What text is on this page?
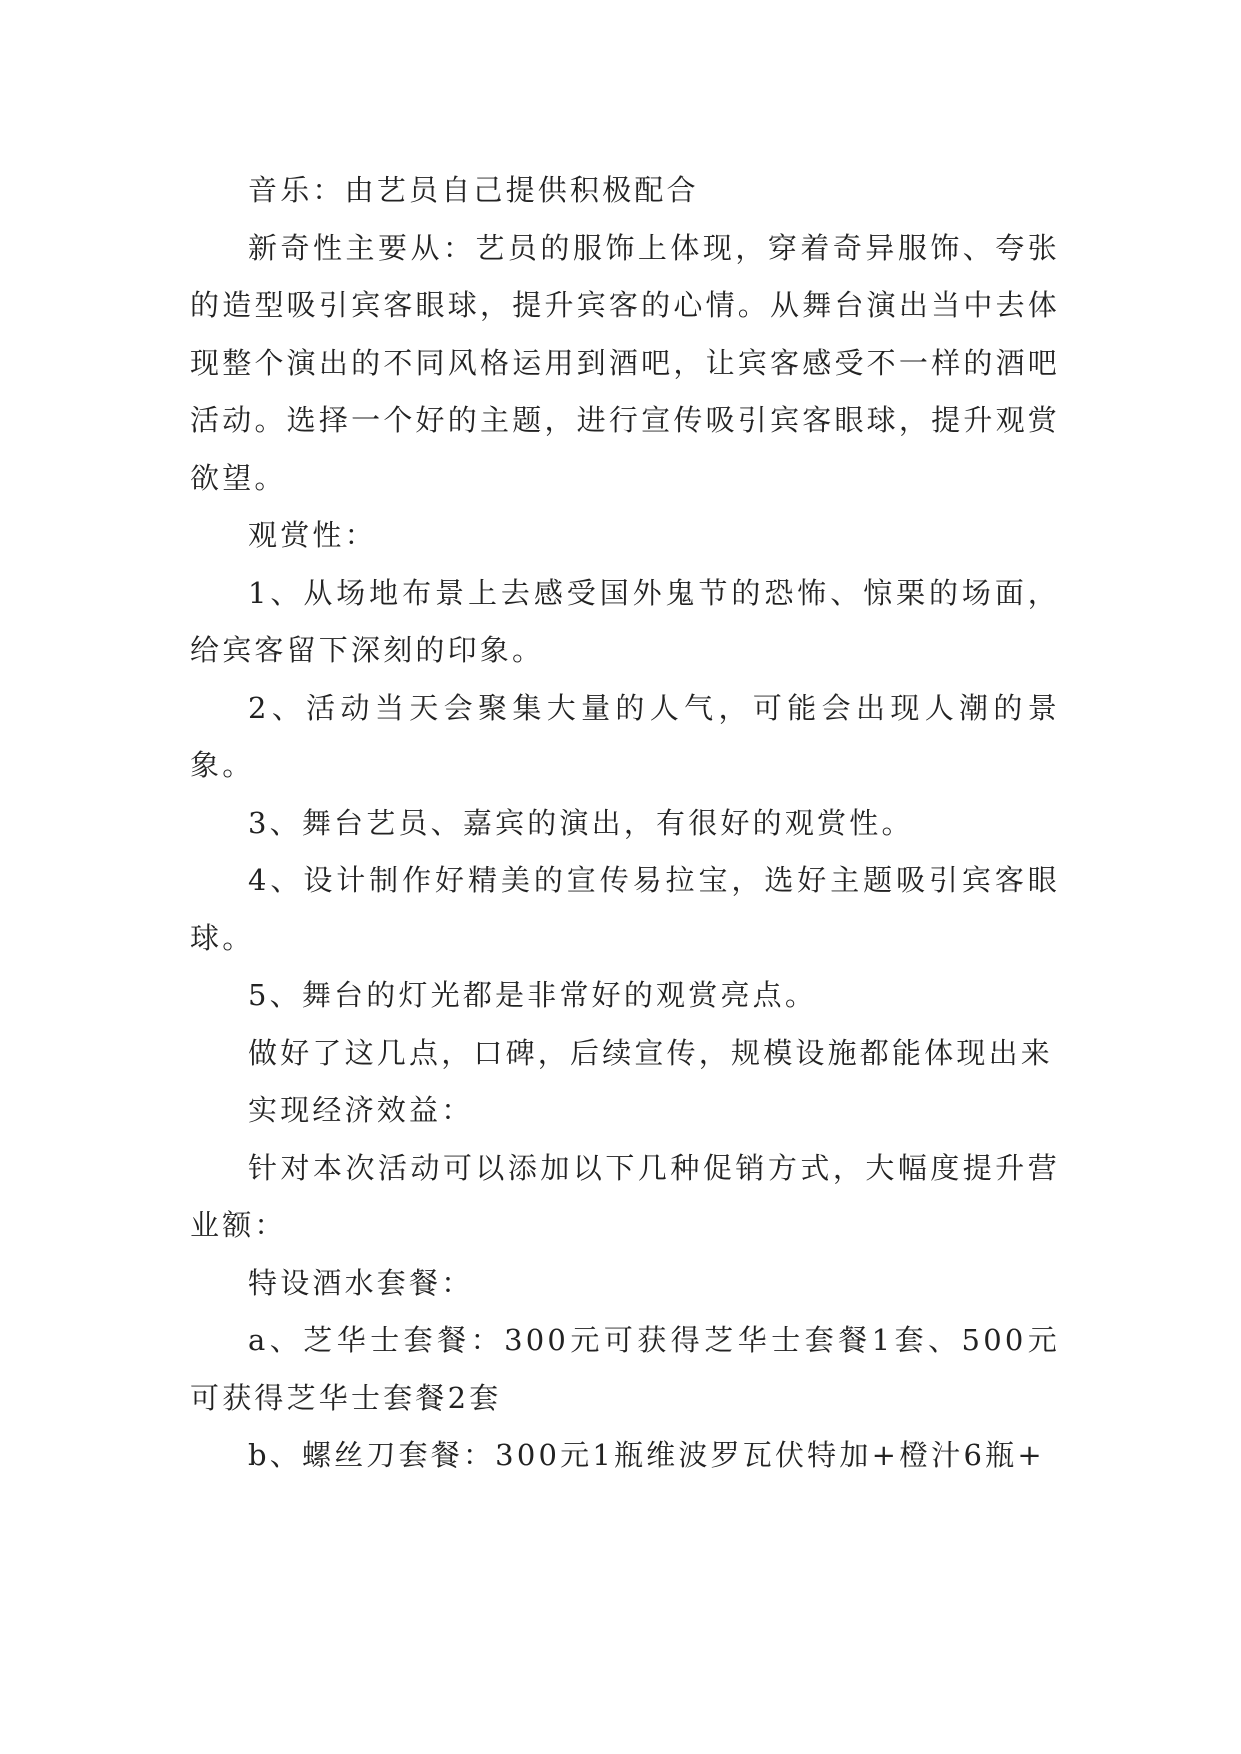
音乐：由艺员自己提供积极配合

新奇性主要从：艺员的服饰上体现，穿着奇异服饰、夸张的造型吸引宾客眼球，提升宾客的心情。从舞台演出当中去体现整个演出的不同风格运用到酒吧，让宾客感受不一样的酒吧活动。选择一个好的主题，进行宣传吸引宾客眼球，提升观赏欲望。

观赏性：

1、从场地布景上去感受国外鬼节的恐怖、惊栗的场面，给宾客留下深刻的印象。

2、活动当天会聚集大量的人气，可能会出现人潮的景象。

3、舞台艺员、嘉宾的演出，有很好的观赏性。

4、设计制作好精美的宣传易拉宝，选好主题吸引宾客眼球。

5、舞台的灯光都是非常好的观赏亮点。

做好了这几点，口碑，后续宣传，规模设施都能体现出来

实现经济效益：

针对本次活动可以添加以下几种促销方式，大幅度提升营业额：

特设酒水套餐：

a、芝华士套餐：300元可获得芝华士套餐1套、500元可获得芝华士套餐2套

b、螺丝刀套餐：300元1瓶维波罗瓦伏特加+橙汁6瓶+
